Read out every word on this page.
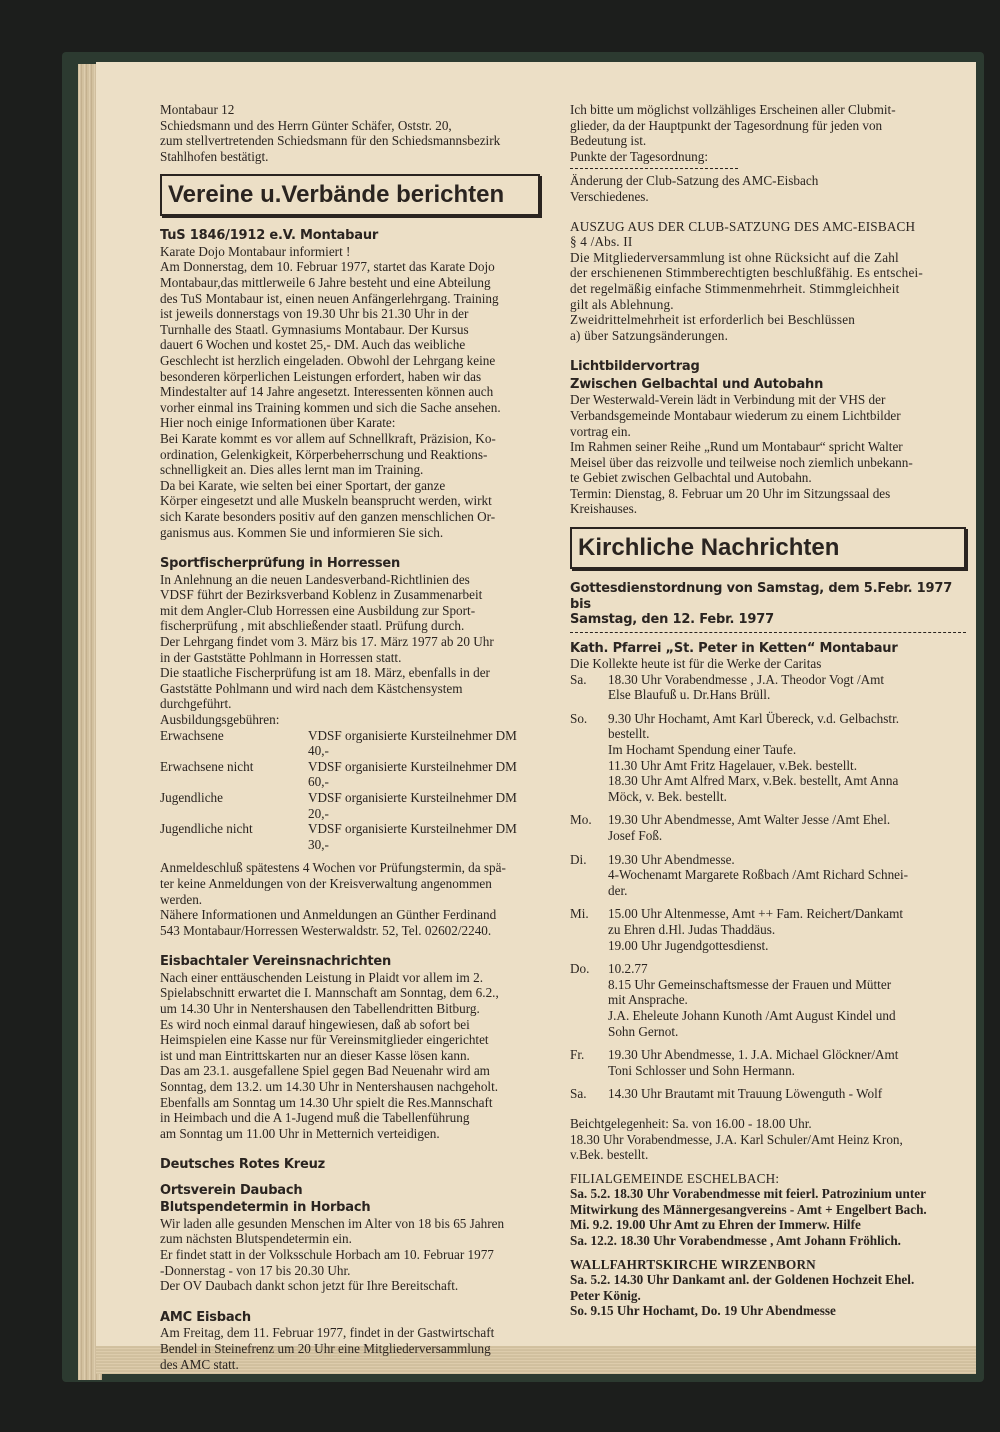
Montabaur 12
Schiedsmann und des Herrn Günter Schäfer, Oststr. 20,
zum stellvertretenden Schiedsmann für den Schiedsmannsbezirk
Stahlhofen bestätigt.

Vereine u.Verbände berichten
TuS 1846/1912 e.V. Montabaur

Karate Dojo Montabaur informiert !
Am Donnerstag, dem 10. Februar 1977, startet das Karate Dojo
Montabaur,das mittlerweile 6 Jahre besteht und eine Abteilung
des TuS Montabaur ist, einen neuen Anfängerlehrgang. Training
ist jeweils donnerstags von 19.30 Uhr bis 21.30 Uhr in der
Turnhalle des Staatl. Gymnasiums Montabaur. Der Kursus
dauert 6 Wochen und kostet 25,- DM. Auch das weibliche
Geschlecht ist herzlich eingeladen. Obwohl der Lehrgang keine
besonderen körperlichen Leistungen erfordert, haben wir das
Mindestalter auf 14 Jahre angesetzt. Interessenten können auch
vorher einmal ins Training kommen und sich die Sache ansehen.
Hier noch einige Informationen über Karate:
Bei Karate kommt es vor allem auf Schnellkraft, Präzision, Ko-
ordination, Gelenkigkeit, Körperbeherrschung und Reaktions-
schnelligkeit an. Dies alles lernt man im Training.
Da bei Karate, wie selten bei einer Sportart, der ganze
Körper eingesetzt und alle Muskeln beansprucht werden, wirkt
sich Karate besonders positiv auf den ganzen menschlichen Or-
ganismus aus. Kommen Sie und informieren Sie sich.

Sportfischerprüfung in Horressen

In Anlehnung an die neuen Landesverband-Richtlinien des
VDSF führt der Bezirksverband Koblenz in Zusammenarbeit
mit dem Angler-Club Horressen eine Ausbildung zur Sport-
fischerprüfung , mit abschließender staatl. Prüfung durch.
Der Lehrgang findet vom 3. März bis 17. März 1977 ab 20 Uhr
in der Gaststätte Pohlmann in Horressen statt.
Die staatliche Fischerprüfung ist am 18. März, ebenfalls in der
Gaststätte Pohlmann und wird nach dem Kästchensystem
durchgeführt.
Ausbildungsgebühren:

Erwachsene	VDSF organisierte Kursteilnehmer DM 40,-
Erwachsene nicht	VDSF organisierte Kursteilnehmer DM 60,-
Jugendliche	VDSF organisierte Kursteilnehmer DM 20,-
Jugendliche nicht	VDSF organisierte Kursteilnehmer DM 30,-

Anmeldeschluß spätestens 4 Wochen vor Prüfungstermin, da spä-
ter keine Anmeldungen von der Kreisverwaltung angenommen
werden.
Nähere Informationen und Anmeldungen an Günther Ferdinand
543 Montabaur/Horressen Westerwaldstr. 52, Tel. 02602/2240.

Eisbachtaler Vereinsnachrichten

Nach einer enttäuschenden Leistung in Plaidt vor allem im 2.
Spielabschnitt erwartet die I. Mannschaft am Sonntag, dem 6.2.,
um 14.30 Uhr in Nentershausen den Tabellendritten Bitburg.
Es wird noch einmal darauf hingewiesen, daß ab sofort bei
Heimspielen eine Kasse nur für Vereinsmitglieder eingerichtet
ist und man Eintrittskarten nur an dieser Kasse lösen kann.
Das am 23.1. ausgefallene Spiel gegen Bad Neuenahr wird am
Sonntag, dem 13.2. um 14.30 Uhr in Nentershausen nachgeholt.
Ebenfalls am Sonntag um 14.30 Uhr spielt die Res.Mannschaft
in Heimbach und die A 1-Jugend muß die Tabellenführung
am Sonntag um 11.00 Uhr in Metternich verteidigen.

Deutsches Rotes Kreuz
Ortsverein Daubach
Blutspendetermin in Horbach

Wir laden alle gesunden Menschen im Alter von 18 bis 65 Jahren
zum nächsten Blutspendetermin ein.
Er findet statt in der Volksschule Horbach am 10. Februar 1977
-Donnerstag - von 17 bis 20.30 Uhr.
Der OV Daubach dankt schon jetzt für Ihre Bereitschaft.

AMC Eisbach

Am Freitag, dem 11. Februar 1977, findet in der Gastwirtschaft
Bendel in Steinefrenz um 20 Uhr eine Mitgliederversammlung
des AMC statt.

Ich bitte um möglichst vollzähliges Erscheinen aller Clubmit-
glieder, da der Hauptpunkt der Tagesordnung für jeden von
Bedeutung ist.
Punkte der Tagesordnung:

Änderung der Club-Satzung des AMC-Eisbach
Verschiedenes.

AUSZUG AUS DER CLUB-SATZUNG DES AMC-EISBACH
§ 4 /Abs. II
Die Mitgliederversammlung ist ohne Rücksicht auf die Zahl
der erschienenen Stimmberechtigten beschlußfähig. Es entschei-
det regelmäßig einfache Stimmenmehrheit. Stimmgleichheit
gilt als Ablehnung.
Zweidrittelmehrheit ist erforderlich bei Beschlüssen
a) über Satzungsänderungen.

Lichtbildervortrag
Zwischen Gelbachtal und Autobahn

Der Westerwald-Verein lädt in Verbindung mit der VHS der
Verbandsgemeinde Montabaur wiederum zu einem Lichtbilder
vortrag ein.
Im Rahmen seiner Reihe „Rund um Montabaur“ spricht Walter
Meisel über das reizvolle und teilweise noch ziemlich unbekann-
te Gebiet zwischen Gelbachtal und Autobahn.
Termin: Dienstag, 8. Februar um 20 Uhr im Sitzungssaal des
Kreishauses.

Kirchliche Nachrichten
Gottesdienstordnung von Samstag, dem 5.Febr. 1977 bis
Samstag, den 12. Febr. 1977
Kath. Pfarrei „St. Peter in Ketten“ Montabaur

Die Kollekte heute ist für die Werke der Caritas

Sa.	18.30 Uhr Vorabendmesse , J.A. Theodor Vogt /Amt
Else Blaufuß u. Dr.Hans Brüll.
So.	9.30 Uhr Hochamt, Amt Karl Übereck, v.d. Gelbachstr.
bestellt.
Im Hochamt Spendung einer Taufe.
11.30 Uhr Amt Fritz Hagelauer, v.Bek. bestellt.
18.30 Uhr Amt Alfred Marx, v.Bek. bestellt, Amt Anna
Möck, v. Bek. bestellt.
Mo.	19.30 Uhr Abendmesse, Amt Walter Jesse /Amt Ehel.
Josef Foß.
Di.	19.30 Uhr Abendmesse.
4-Wochenamt Margarete Roßbach /Amt Richard Schnei-
der.
Mi.	15.00 Uhr Altenmesse, Amt ++ Fam. Reichert/Dankamt
zu Ehren d.Hl. Judas Thaddäus.
19.00 Uhr Jugendgottesdienst.
Do.	10.2.77
8.15 Uhr Gemeinschaftsmesse der Frauen und Mütter
mit Ansprache.
J.A. Eheleute Johann Kunoth /Amt August Kindel und
Sohn Gernot.
Fr.	19.30 Uhr Abendmesse, 1. J.A. Michael Glöckner/Amt
Toni Schlosser und Sohn Hermann.
Sa.	14.30 Uhr Brautamt mit Trauung Löwenguth - Wolf

Beichtgelegenheit: Sa. von 16.00 - 18.00 Uhr.
18.30 Uhr Vorabendmesse, J.A. Karl Schuler/Amt Heinz Kron,
v.Bek. bestellt.

FILIALGEMEINDE ESCHELBACH:

Sa. 5.2. 18.30 Uhr Vorabendmesse mit feierl. Patrozinium unter
Mitwirkung des Männergesangvereins - Amt + Engelbert Bach.
Mi. 9.2. 19.00 Uhr Amt zu Ehren der Immerw. Hilfe
Sa. 12.2. 18.30 Uhr Vorabendmesse , Amt Johann Fröhlich.

WALLFAHRTSKIRCHE WIRZENBORN

Sa. 5.2. 14.30 Uhr Dankamt anl. der Goldenen Hochzeit Ehel.
Peter König.
So. 9.15 Uhr Hochamt, Do. 19 Uhr Abendmesse
